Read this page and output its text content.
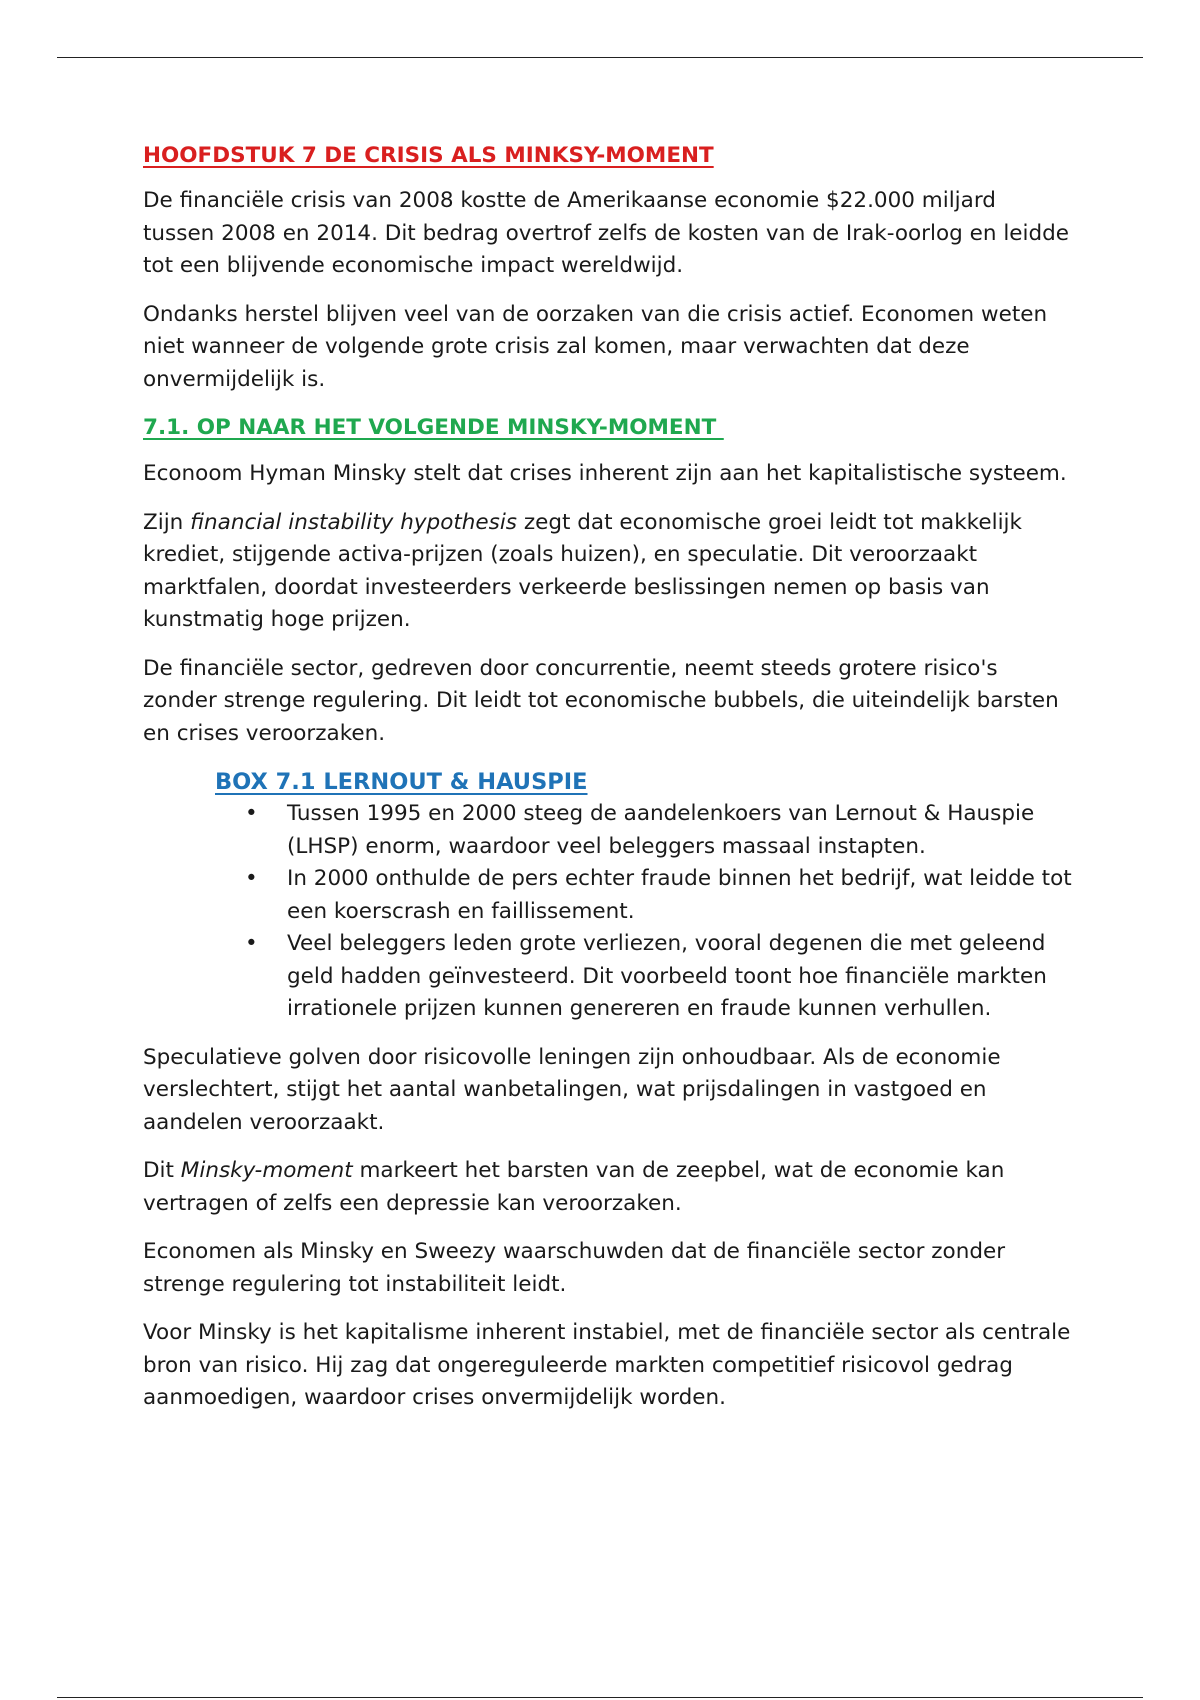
HOOFDSTUK 7 DE CRISIS ALS MINKSY-MOMENT

De financiële crisis van 2008 kostte de Amerikaanse economie $22.000 miljard tussen 2008 en 2014. Dit bedrag overtrof zelfs de kosten van de Irak-oorlog en leidde tot een blijvende economische impact wereldwijd.

Ondanks herstel blijven veel van de oorzaken van die crisis actief. Economen weten niet wanneer de volgende grote crisis zal komen, maar verwachten dat deze onvermijdelijk is.

7.1. OP NAAR HET VOLGENDE MINSKY-MOMENT

Econoom Hyman Minsky stelt dat crises inherent zijn aan het kapitalistische systeem.

Zijn financial instability hypothesis zegt dat economische groei leidt tot makkelijk krediet, stijgende activa-prijzen (zoals huizen), en speculatie. Dit veroorzaakt marktfalen, doordat investeerders verkeerde beslissingen nemen op basis van kunstmatig hoge prijzen.

De financiële sector, gedreven door concurrentie, neemt steeds grotere risico's zonder strenge regulering. Dit leidt tot economische bubbels, die uiteindelijk barsten en crises veroorzaken.

BOX 7.1 LERNOUT & HAUSPIE
• Tussen 1995 en 2000 steeg de aandelenkoers van Lernout & Hauspie (LHSP) enorm, waardoor veel beleggers massaal instapten.
• In 2000 onthulde de pers echter fraude binnen het bedrijf, wat leidde tot een koerscrash en faillissement.
• Veel beleggers leden grote verliezen, vooral degenen die met geleend geld hadden geïnvesteerd. Dit voorbeeld toont hoe financiële markten irrationele prijzen kunnen genereren en fraude kunnen verhullen.

Speculatieve golven door risicovolle leningen zijn onhoudbaar. Als de economie verslechtert, stijgt het aantal wanbetalingen, wat prijsdalingen in vastgoed en aandelen veroorzaakt.

Dit Minsky-moment markeert het barsten van de zeepbel, wat de economie kan vertragen of zelfs een depressie kan veroorzaken.

Economen als Minsky en Sweezy waarschuwden dat de financiële sector zonder strenge regulering tot instabiliteit leidt.

Voor Minsky is het kapitalisme inherent instabiel, met de financiële sector als centrale bron van risico. Hij zag dat ongereguleerde markten competitief risicovol gedrag aanmoedigen, waardoor crises onvermijdelijk worden.
